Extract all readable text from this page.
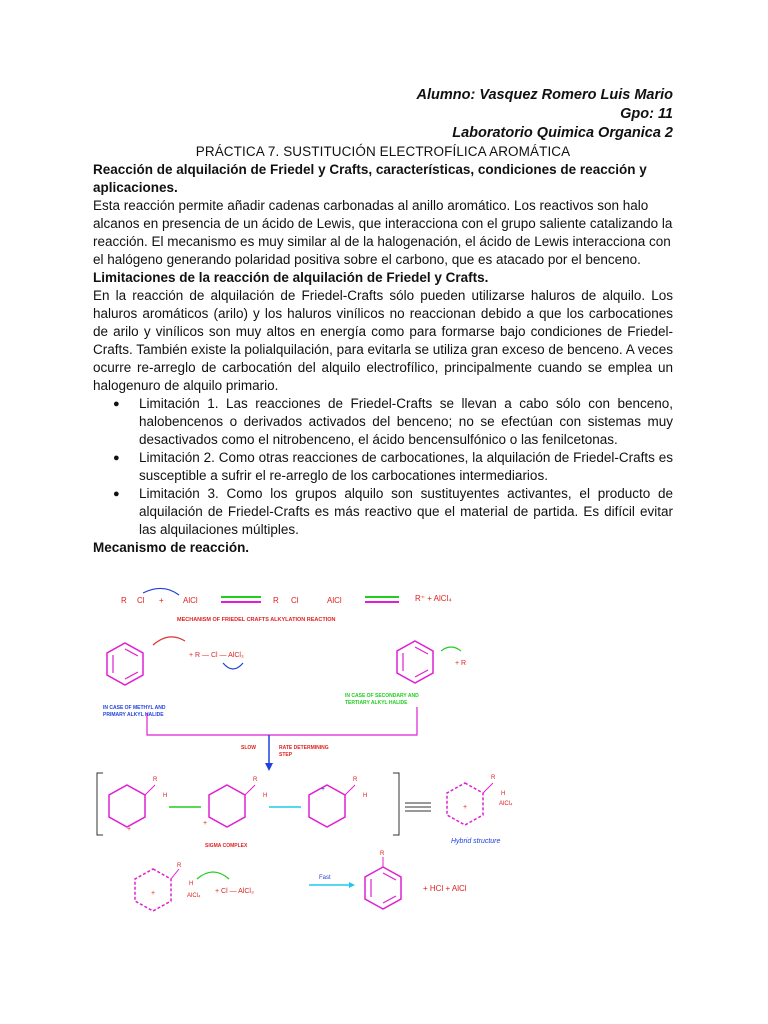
Alumno: Vasquez Romero Luis Mario
Gpo: 11
Laboratorio Quimica Organica 2
PRÁCTICA 7. SUSTITUCIÓN ELECTROFÍLICA AROMÁTICA
Reacción de alquilación de Friedel y Crafts, características, condiciones de reacción y aplicaciones.
Esta reacción permite añadir cadenas carbonadas al anillo aromático. Los reactivos son halo alcanos en presencia de un ácido de Lewis, que interacciona con el grupo saliente catalizando la reacción. El mecanismo es muy similar al de la halogenación, el ácido de Lewis interacciona con el halógeno generando polaridad positiva sobre el carbono, que es atacado por el benceno.
Limitaciones de la reacción de alquilación de Friedel y Crafts.
En la reacción de alquilación de Friedel-Crafts sólo pueden utilizarse haluros de alquilo. Los haluros aromáticos (arilo) y los haluros vinílicos no reaccionan debido a que los carbocationes de arilo y vinílicos son muy altos en energía como para formarse bajo condiciones de Friedel-Crafts. También existe la polialquilación, para evitarla se utiliza gran exceso de benceno. A veces ocurre re-arreglo de carbocatión del alquilo electrofílico, principalmente cuando se emplea un halogenuro de alquilo primario.
● Limitación 1. Las reacciones de Friedel-Crafts se llevan a cabo sólo con benceno, halobencenos o derivados activados del benceno; no se efectúan con sistemas muy desactivados como el nitrobenceno, el ácido bencensulfónico o las fenilcetonas.
● Limitación 2. Como otras reacciones de carbocationes, la alquilación de Friedel-Crafts es susceptible a sufrir el re-arreglo de los carbocationes intermediarios.
● Limitación 3. Como los grupos alquilo son sustituyentes activantes, el producto de alquilación de Friedel-Crafts es más reactivo que el material de partida. Es difícil evitar las alquilaciones múltiples.
Mecanismo de reacción.
R Cl	AlCl
+	R Cl	AlCl	R⁺ + AlCl₄
MECHANISM OF FRIEDEL CRAFTS ALKYLATION REACTION
+ R — Cl — AlCl₃
IN CASE OF METHYL AND
PRIMARY ALKYL HALIDE
+ R
IN CASE OF SECONDARY AND
TERTIARY ALKYL HALIDE
SLOW	RATE DETERMINING
STEP
R
H
+
R
H
+
R
H
+
SIGMA COMPLEX
+
R
H
AlCl₄
Hybrid structure
+
R
H
AlCl₄
+ Cl — AlCl₃
Fast
R
+ HCl + AlCl
